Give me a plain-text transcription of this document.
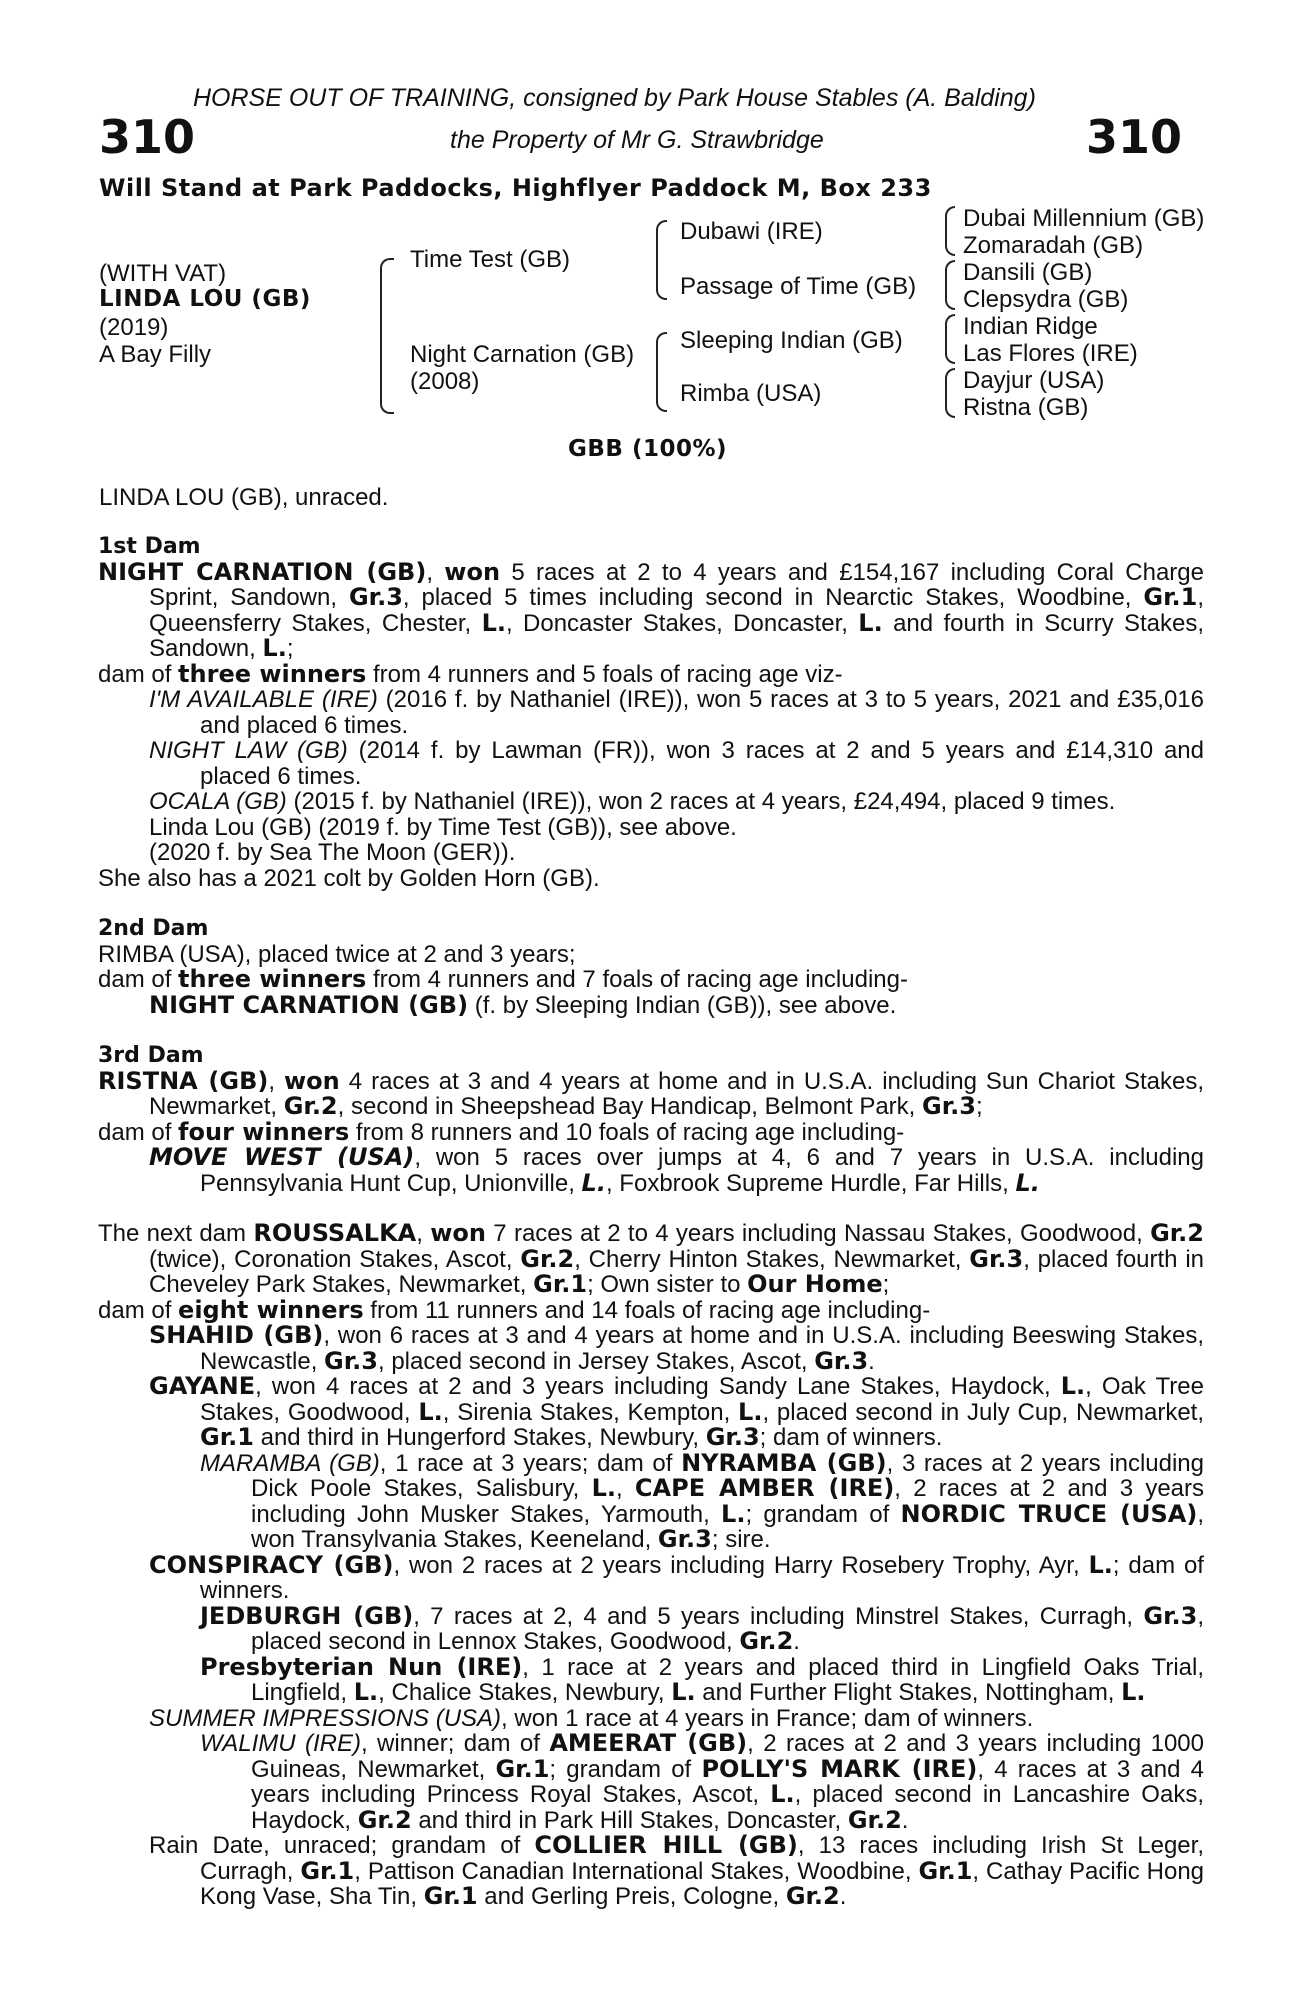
HORSE OUT OF TRAINING, consigned by Park House Stables (A. Balding)
310	the Property of Mr G. Strawbridge	310
Will Stand at Park Paddocks, Highflyer Paddock M, Box 233
(WITH VAT)
LINDA LOU (GB)
(2019)
A Bay Filly
Time Test (GB)
Night Carnation (GB)
(2008)
Dubawi (IRE)
Passage of Time (GB)
Sleeping Indian (GB)
Rimba (USA)
Dubai Millennium (GB)
Zomaradah (GB)
Dansili (GB)
Clepsydra (GB)
Indian Ridge
Las Flores (IRE)
Dayjur (USA)
Ristna (GB)
GBB (100%)
LINDA LOU (GB), unraced.
1st Dam

NIGHT CARNATION (GB), won 5 races at 2 to 4 years and £154,167 including Coral Charge Sprint, Sandown, Gr.3, placed 5 times including second in Nearctic Stakes, Woodbine, Gr.1, Queensferry Stakes, Chester, L., Doncaster Stakes, Doncaster, L. and fourth in Scurry Stakes, Sandown, L.;

dam of three winners from 4 runners and 5 foals of racing age viz-

I'M AVAILABLE (IRE) (2016 f. by Nathaniel (IRE)), won 5 races at 3 to 5 years, 2021 and £35,016 and placed 6 times.

NIGHT LAW (GB) (2014 f. by Lawman (FR)), won 3 races at 2 and 5 years and £14,310 and placed 6 times.

OCALA (GB) (2015 f. by Nathaniel (IRE)), won 2 races at 4 years, £24,494, placed 9 times.

Linda Lou (GB) (2019 f. by Time Test (GB)), see above.

(2020 f. by Sea The Moon (GER)).

She also has a 2021 colt by Golden Horn (GB).

2nd Dam

RIMBA (USA), placed twice at 2 and 3 years;

dam of three winners from 4 runners and 7 foals of racing age including-

NIGHT CARNATION (GB) (f. by Sleeping Indian (GB)), see above.

3rd Dam

RISTNA (GB), won 4 races at 3 and 4 years at home and in U.S.A. including Sun Chariot Stakes, Newmarket, Gr.2, second in Sheepshead Bay Handicap, Belmont Park, Gr.3;

dam of four winners from 8 runners and 10 foals of racing age including-

MOVE WEST (USA), won 5 races over jumps at 4, 6 and 7 years in U.S.A. including Pennsylvania Hunt Cup, Unionville, L., Foxbrook Supreme Hurdle, Far Hills, L.

The next dam ROUSSALKA, won 7 races at 2 to 4 years including Nassau Stakes, Goodwood, Gr.2 (twice), Coronation Stakes, Ascot, Gr.2, Cherry Hinton Stakes, Newmarket, Gr.3, placed fourth in Cheveley Park Stakes, Newmarket, Gr.1; Own sister to Our Home;

dam of eight winners from 11 runners and 14 foals of racing age including-

SHAHID (GB), won 6 races at 3 and 4 years at home and in U.S.A. including Beeswing Stakes, Newcastle, Gr.3, placed second in Jersey Stakes, Ascot, Gr.3.

GAYANE, won 4 races at 2 and 3 years including Sandy Lane Stakes, Haydock, L., Oak Tree Stakes, Goodwood, L., Sirenia Stakes, Kempton, L., placed second in July Cup, Newmarket, Gr.1 and third in Hungerford Stakes, Newbury, Gr.3; dam of winners.

MARAMBA (GB), 1 race at 3 years; dam of NYRAMBA (GB), 3 races at 2 years including Dick Poole Stakes, Salisbury, L., CAPE AMBER (IRE), 2 races at 2 and 3 years including John Musker Stakes, Yarmouth, L.; grandam of NORDIC TRUCE (USA), won Transylvania Stakes, Keeneland, Gr.3; sire.

CONSPIRACY (GB), won 2 races at 2 years including Harry Rosebery Trophy, Ayr, L.; dam of winners.

JEDBURGH (GB), 7 races at 2, 4 and 5 years including Minstrel Stakes, Curragh, Gr.3, placed second in Lennox Stakes, Goodwood, Gr.2.

Presbyterian Nun (IRE), 1 race at 2 years and placed third in Lingfield Oaks Trial, Lingfield, L., Chalice Stakes, Newbury, L. and Further Flight Stakes, Nottingham, L.

SUMMER IMPRESSIONS (USA), won 1 race at 4 years in France; dam of winners.

WALIMU (IRE), winner; dam of AMEERAT (GB), 2 races at 2 and 3 years including 1000 Guineas, Newmarket, Gr.1; grandam of POLLY'S MARK (IRE), 4 races at 3 and 4 years including Princess Royal Stakes, Ascot, L., placed second in Lancashire Oaks, Haydock, Gr.2 and third in Park Hill Stakes, Doncaster, Gr.2.

Rain Date, unraced; grandam of COLLIER HILL (GB), 13 races including Irish St Leger, Curragh, Gr.1, Pattison Canadian International Stakes, Woodbine, Gr.1, Cathay Pacific Hong Kong Vase, Sha Tin, Gr.1 and Gerling Preis, Cologne, Gr.2.
